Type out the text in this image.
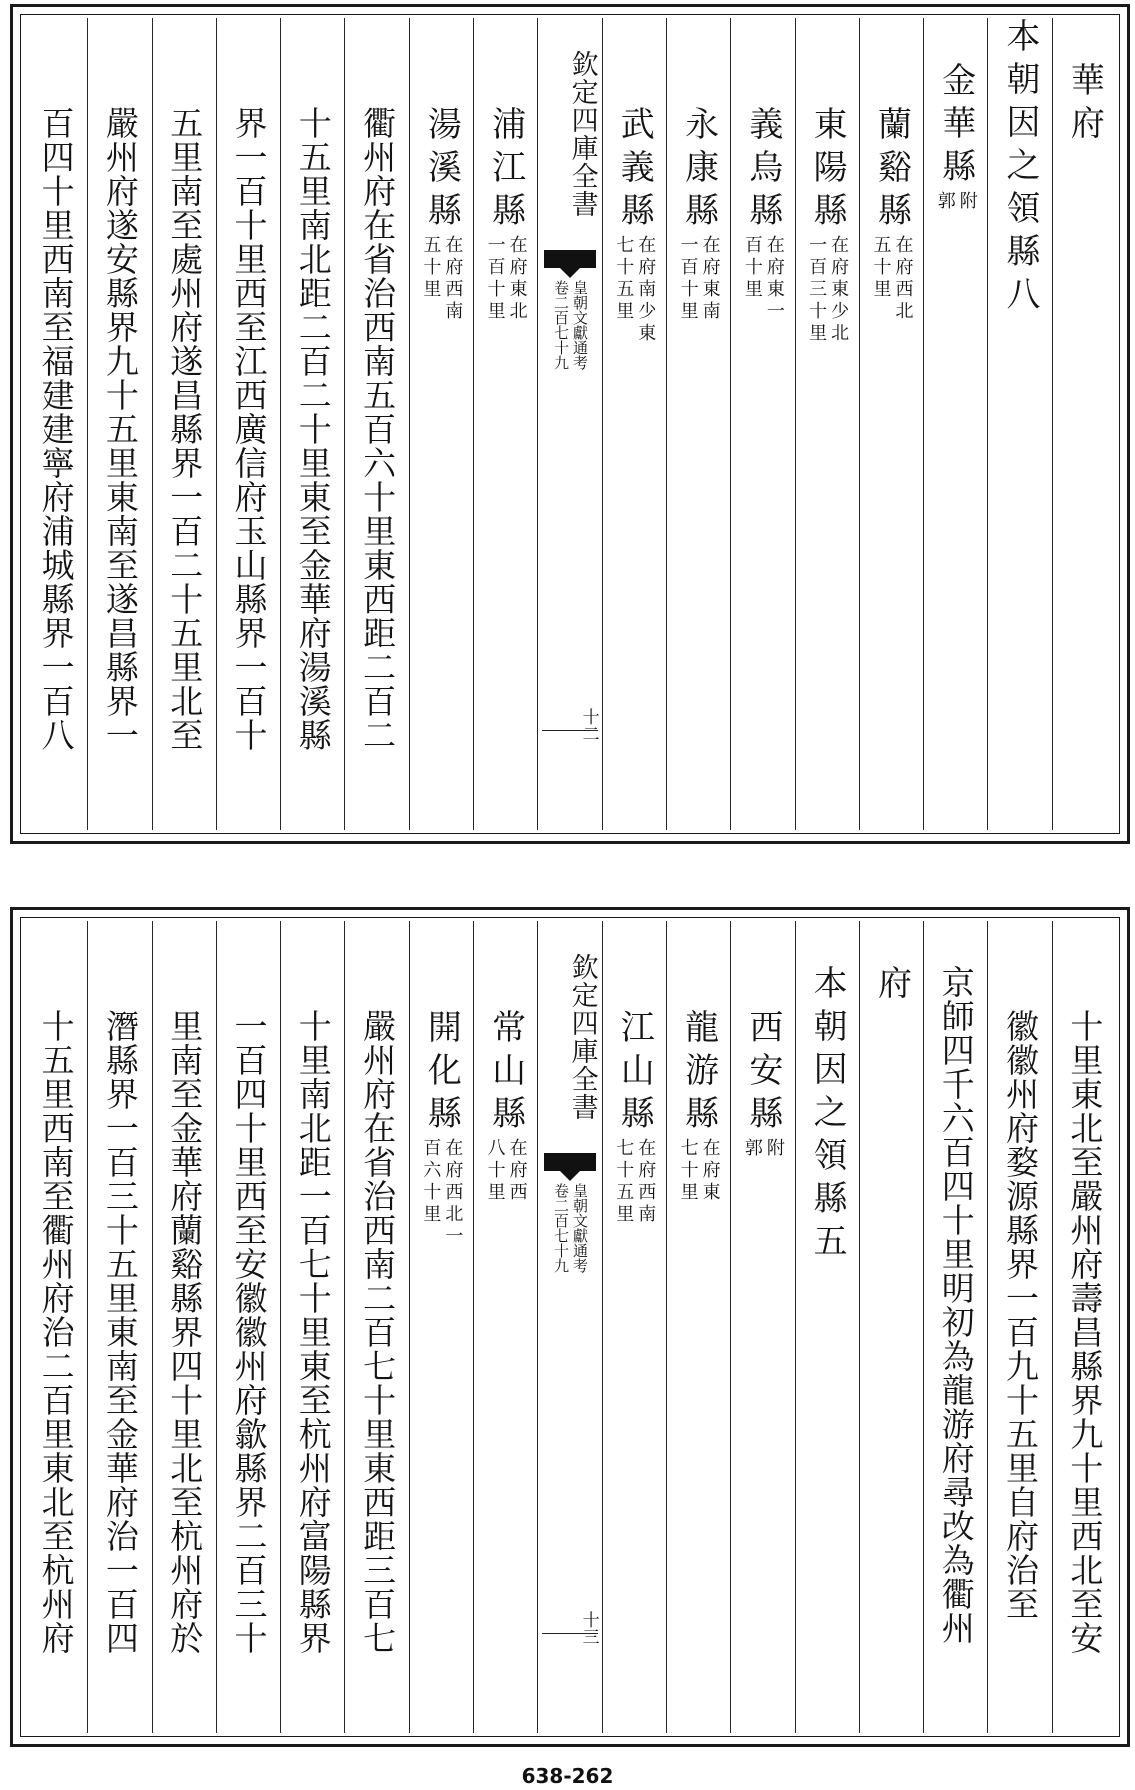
華府
本朝因之領縣八
金華縣
附
郭
蘭谿縣
在府西北
五十里
東陽縣
在府東少北
一百三十里
義烏縣
在府東一
百十里
永康縣
在府東南
一百十里
武義縣
在府南少東
七十五里
欽定四庫全書
皇朝文獻通考
卷二百七十九
十二
浦江縣
在府東北
一百十里
湯溪縣
在府西南
五十里
衢州府在省治西南五百六十里東西距二百二
十五里南北距二百二十里東至金華府湯溪縣
界一百十里西至江西廣信府玉山縣界一百十
五里南至處州府遂昌縣界一百二十五里北至
嚴州府遂安縣界九十五里東南至遂昌縣界一
百四十里西南至福建建寧府浦城縣界一百八
十里東北至嚴州府壽昌縣界九十里西北至安
徽徽州府婺源縣界一百九十五里自府治至
京師四千六百四十里明初為龍游府尋改為衢州
府
本朝因之領縣五
西安縣
附
郭
龍游縣
在府東
七十里
江山縣
在府西南
七十五里
欽定四庫全書
皇朝文獻通考
卷二百七十九
十三
常山縣
在府西
八十里
開化縣
在府西北一
百六十里
嚴州府在省治西南二百七十里東西距三百七
十里南北距一百七十里東至杭州府富陽縣界
一百四十里西至安徽徽州府歙縣界二百三十
里南至金華府蘭谿縣界四十里北至杭州府於
潛縣界一百三十五里東南至金華府治一百四
十五里西南至衢州府治二百里東北至杭州府
638-262
